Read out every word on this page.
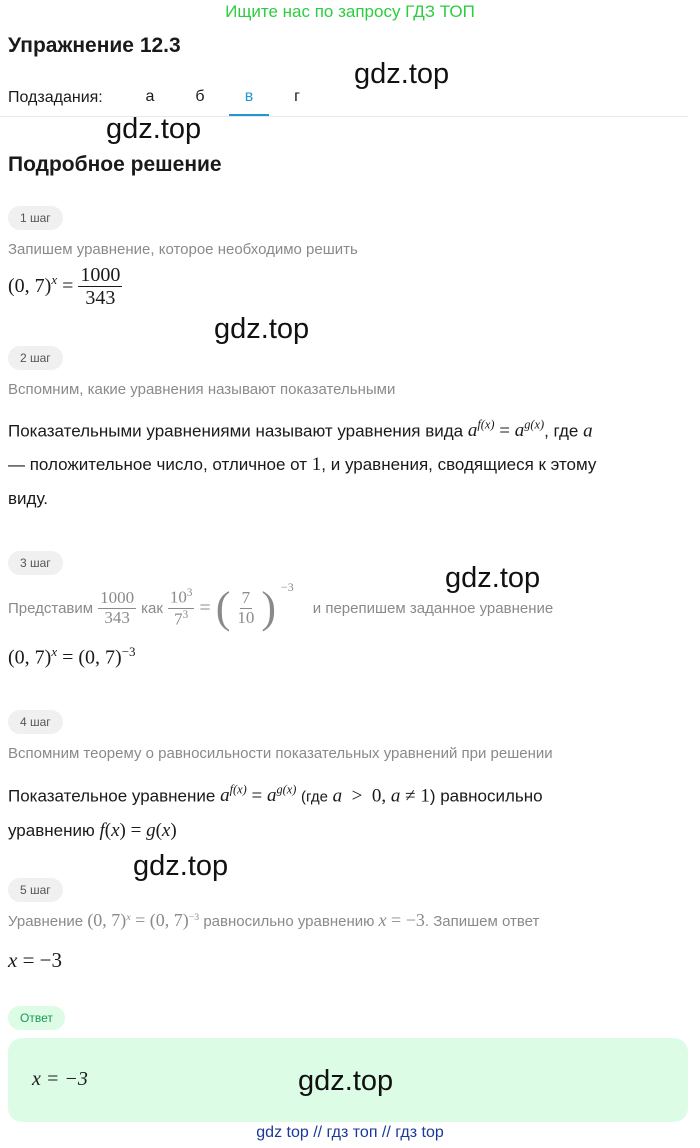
Ищите нас по запросу ГДЗ ТОП
Упражнение 12.3
gdz.top
Подзадания:	а	б	в	г
gdz.top
Подробное решение
1 шаг
Запишем уравнение, которое необходимо решить
(0, $7)^x = \frac{1000}{343}$
gdz.top
2 шаг
Вспомним, какие уравнения называют показательными
Показательными уравнениями называют уравнения вида $a^{f(x)} = a^{g(x)}$, где a
— положительное число, отличное от 1, и уравнения, сводящиеся к этому
виду.
3 шаг	gdz.top
Представим $\frac{1000}{343}$ как $\frac{10^3}{7^3}$ = ( $\frac{7}{10}$ ) $^{-3}$
и перепишем заданное уравнение
(0, 7)$^x$ = (0, 7)$^{-3}$
4 шаг
Вспомним теорему о равносильности показательных уравнений при решении
Показательное уравнение $a^{f(x)} = a^{g(x)}$ (где a  >  0, a ≠ 1) равносильно
уравнению f(x) = g(x)
gdz.top
5 шаг
Уравнение (0, 7)$^x$ = (0, 7)$^{-3}$ равносильно уравнению x = −3. Запишем ответ
x = −3
Ответ
x = −3	gdz.top
gdz top // гдз топ // гдз top
